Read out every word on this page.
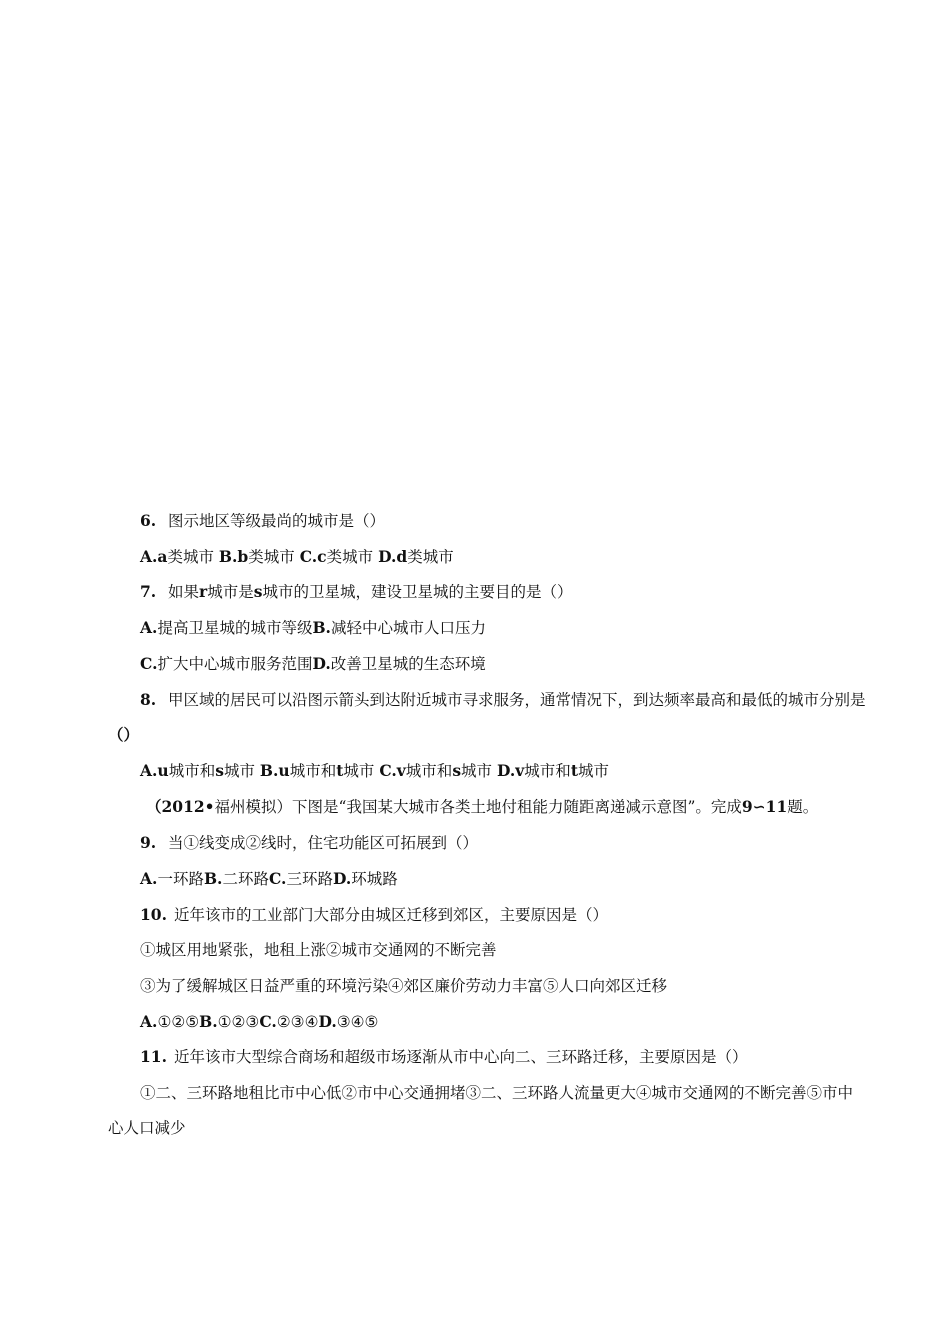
6. 图示地区等级最尚的城市是（）
A.a类城市 B.b类城市 C.c类城市 D.d类城市
7. 如果r城市是s城市的卫星城，建设卫星城的主要目的是（）
A.提高卫星城的城市等级B.减轻中心城市人口压力
C.扩大中心城市服务范围D.改善卫星城的生态环境
8. 甲区域的居民可以沿图示箭头到达附近城市寻求服务，通常情况下，到达频率最高和最低的城市分别是
（）
A.u城市和s城市 B.u城市和t城市 C.v城市和s城市 D.v城市和t城市
（2012•福州模拟）下图是“我国某大城市各类土地付租能力随距离递减示意图”。完成9∽11题。
9. 当①线变成②线时，住宅功能区可拓展到（）
A.一环路B.二环路C.三环路D.环城路
10. 近年该市的工业部门大部分由城区迁移到郊区，主要原因是（）
①城区用地紧张，地租上涨②城市交通网的不断完善
③为了缓解城区日益严重的环境污染④郊区廉价劳动力丰富⑤人口向郊区迁移
A.①②⑤B.①②③C.②③④D.③④⑤
11. 近年该市大型综合商场和超级市场逐渐从市中心向二、三环路迁移，主要原因是（）
①二、三环路地租比市中心低②市中心交通拥堵③二、三环路人流量更大④城市交通网的不断完善⑤市中
心人口减少
